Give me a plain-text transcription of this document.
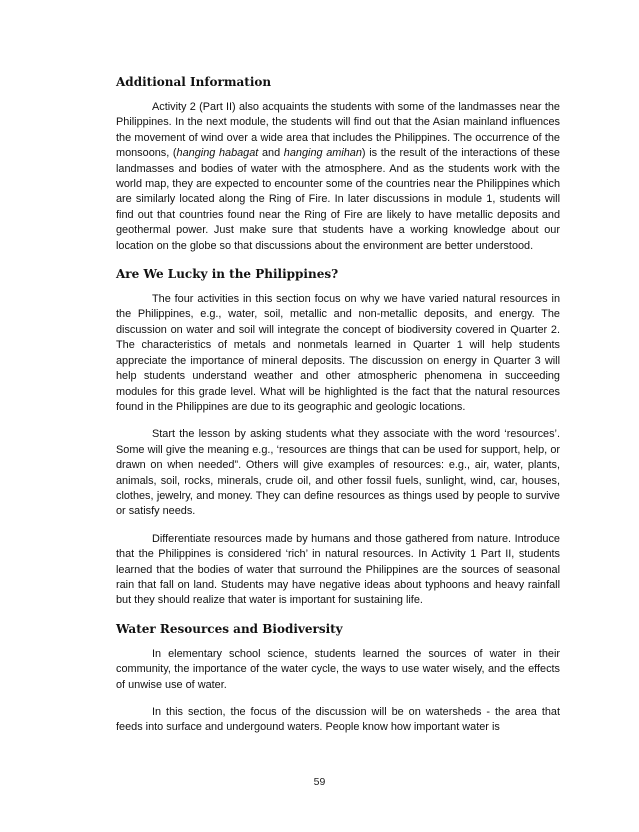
Additional Information

Activity 2 (Part II) also acquaints the students with some of the landmasses near the Philippines. In the next module, the students will find out that the Asian mainland influences the movement of wind over a wide area that includes the Philippines. The occurrence of the monsoons, (hanging habagat and hanging amihan) is the result of the interactions of these landmasses and bodies of water with the atmosphere. And as the students work with the world map, they are expected to encounter some of the countries near the Philippines which are similarly located along the Ring of Fire. In later discussions in module 1, students will find out that countries found near the Ring of Fire are likely to have metallic deposits and geothermal power. Just make sure that students have a working knowledge about our location on the globe so that discussions about the environment are better understood.

Are We Lucky in the Philippines?

The four activities in this section focus on why we have varied natural resources in the Philippines, e.g., water, soil, metallic and non-metallic deposits, and energy. The discussion on water and soil will integrate the concept of biodiversity covered in Quarter 2. The characteristics of metals and nonmetals learned in Quarter 1 will help students appreciate the importance of mineral deposits. The discussion on energy in Quarter 3 will help students understand weather and other atmospheric phenomena in succeeding modules for this grade level. What will be highlighted is the fact that the natural resources found in the Philippines are due to its geographic and geologic locations.

Start the lesson by asking students what they associate with the word ‘resources’. Some will give the meaning e.g., ‘resources are things that can be used for support, help, or drawn on when needed”. Others will give examples of resources: e.g., air, water, plants, animals, soil, rocks, minerals, crude oil, and other fossil fuels, sunlight, wind, car, houses, clothes, jewelry, and money. They can define resources as things used by people to survive or satisfy needs.

Differentiate resources made by humans and those gathered from nature. Introduce that the Philippines is considered ‘rich’ in natural resources. In Activity 1 Part II, students learned that the bodies of water that surround the Philippines are the sources of seasonal rain that fall on land. Students may have negative ideas about typhoons and heavy rainfall but they should realize that water is important for sustaining life.

Water Resources and Biodiversity

In elementary school science, students learned the sources of water in their community, the importance of the water cycle, the ways to use water wisely, and the effects of unwise use of water.

In this section, the focus of the discussion will be on watersheds - the area that feeds into surface and undergound waters. People know how important water is

59
